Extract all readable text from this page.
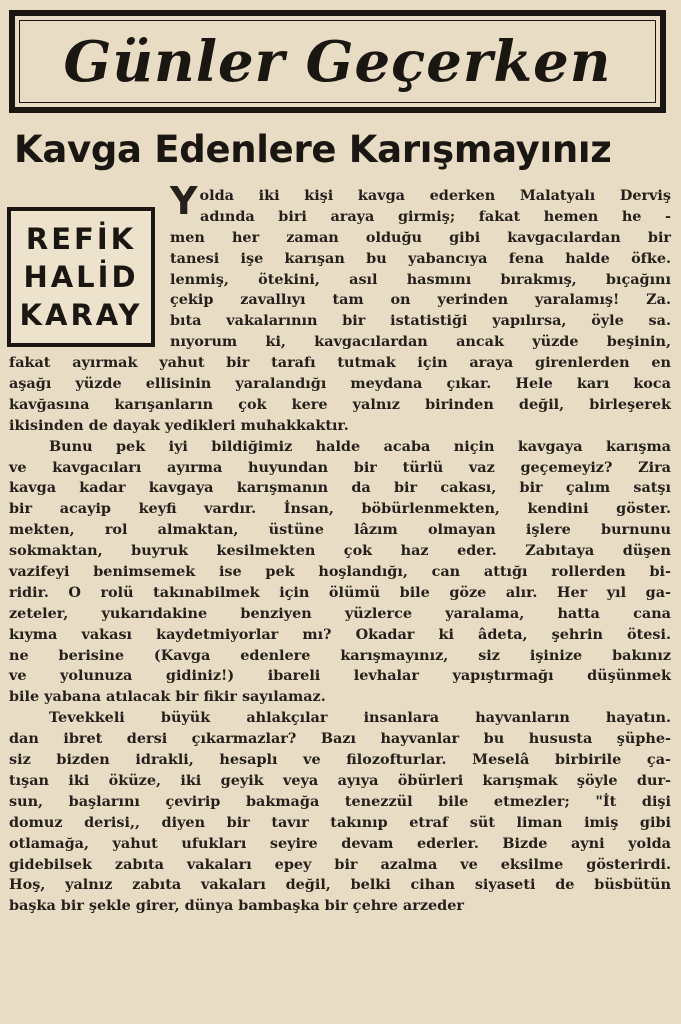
Günler Geçerken
Kavga Edenlere Karışmayınız
REFİK
HALİD
KARAY
Yolda iki kişi kavga ederken Malatyalı Derviş
adında biri araya girmiş; fakat hemen he -
men her zaman olduğu gibi kavgacılardan bir
tanesi işe karışan bu yabancıya fena halde öfke.
lenmiş, ötekini, asıl hasmını bırakmış, bıçağını
çekip zavallıyı tam on yerinden yaralamış! Za.
bıta vakalarının bir istatistiği yapılırsa, öyle sa.
nıyorum ki, kavgacılardan ancak yüzde beşinin,
fakat ayırmak yahut bir tarafı tutmak için araya girenlerden en
aşağı yüzde ellisinin yaralandığı meydana çıkar. Hele karı koca
kavğasına karışanların çok kere yalnız birinden değil, birleşerek
ikisinden de dayak yedikleri muhakkaktır.
Bunu pek iyi bildiğimiz halde acaba niçin kavgaya karışma
ve kavgacıları ayırma huyundan bir türlü vaz geçemeyiz? Zira
kavga kadar kavgaya karışmanın da bir cakası, bir çalım satşı
bir acayip keyfi vardır. İnsan, böbürlenmekten, kendini göster.
mekten, rol almaktan, üstüne lâzım olmayan işlere burnunu
sokmaktan, buyruk kesilmekten çok haz eder. Zabıtaya düşen
vazifeyi benimsemek ise pek hoşlandığı, can attığı rollerden bi-
ridir. O rolü takınabilmek için ölümü bile göze alır. Her yıl ga-
zeteler, yukarıdakine benziyen yüzlerce yaralama, hatta cana
kıyma vakası kaydetmiyorlar mı? Okadar ki âdeta, şehrin ötesi.
ne berisine (Kavga edenlere karışmayınız, siz işinize bakınız
ve yolunuza gidiniz!) ibareli levhalar yapıştırmağı düşünmek
bile yabana atılacak bir fikir sayılamaz.
Tevekkeli büyük ahlakçılar insanlara hayvanların hayatın.
dan ibret dersi çıkarmazlar? Bazı hayvanlar bu hususta şüphe-
siz bizden idrakli, hesaplı ve filozofturlar. Meselâ birbirile ça-
tışan iki öküze, iki geyik veya ayıya öbürleri karışmak şöyle dur-
sun, başlarını çevirip bakmağa tenezzül bile etmezler; "İt dişi
domuz derisi,, diyen bir tavır takınıp etraf süt liman imiş gibi
otlamağa, yahut ufukları seyire devam ederler. Bizde ayni yolda
gidebilsek zabıta vakaları epey bir azalma ve eksilme gösterirdi.
Hoş, yalnız zabıta vakaları değil, belki cihan siyaseti de büsbütün
başka bir şekle girer, dünya bambaşka bir çehre arzeder
